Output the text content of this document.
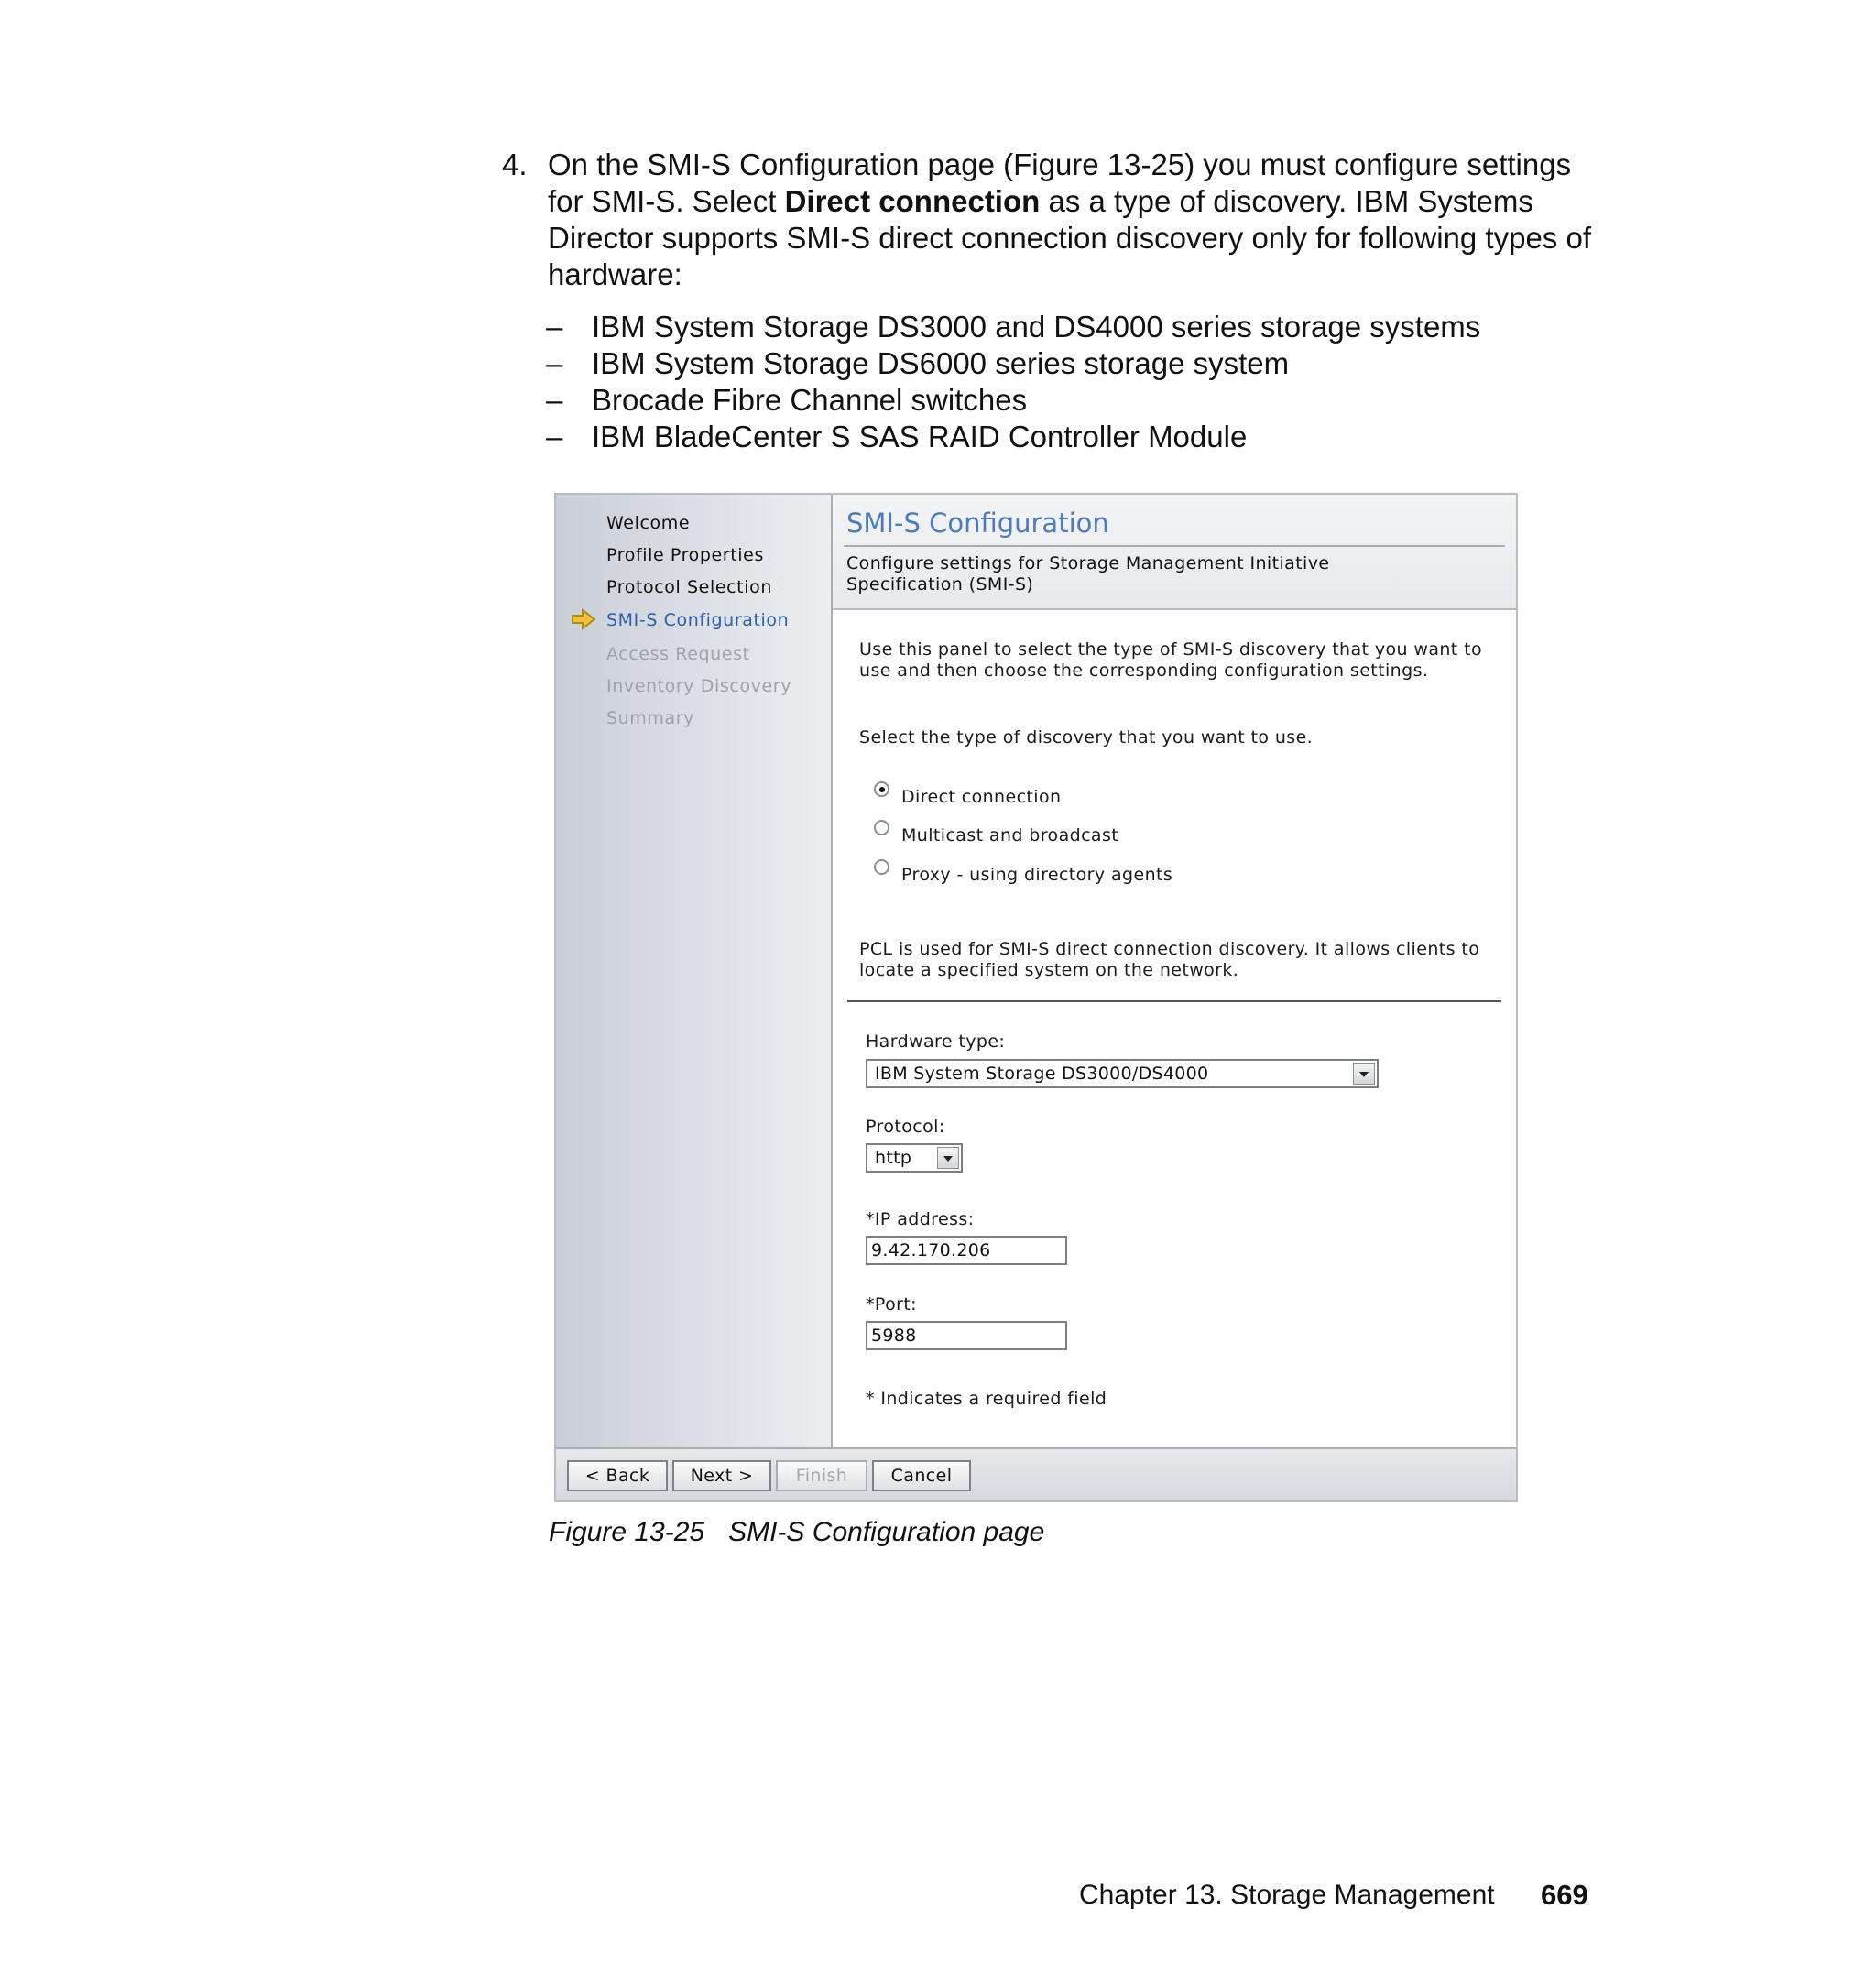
4. On the SMI-S Configuration page (Figure 13-25) you must configure settings for SMI-S. Select Direct connection as a type of discovery. IBM Systems Director supports SMI-S direct connection discovery only for following types of hardware:
– IBM System Storage DS3000 and DS4000 series storage systems
– IBM System Storage DS6000 series storage system
– Brocade Fibre Channel switches
– IBM BladeCenter S SAS RAID Controller Module
Welcome
Profile Properties
Protocol Selection
SMI-S Configuration
Access Request
Inventory Discovery
Summary
SMI-S Configuration
Configure settings for Storage Management Initiative Specification (SMI-S)
Use this panel to select the type of SMI-S discovery that you want to use and then choose the corresponding configuration settings.
Select the type of discovery that you want to use.
Direct connection
Multicast and broadcast
Proxy - using directory agents
PCL is used for SMI-S direct connection discovery. It allows clients to locate a specified system on the network.
Hardware type:
IBM System Storage DS3000/DS4000
Protocol:
http
*IP address:
9.42.170.206
*Port:
5988
* Indicates a required field
< Back	Next >	Finish	Cancel
Figure 13-25 SMI-S Configuration page
Chapter 13. Storage Management 669
